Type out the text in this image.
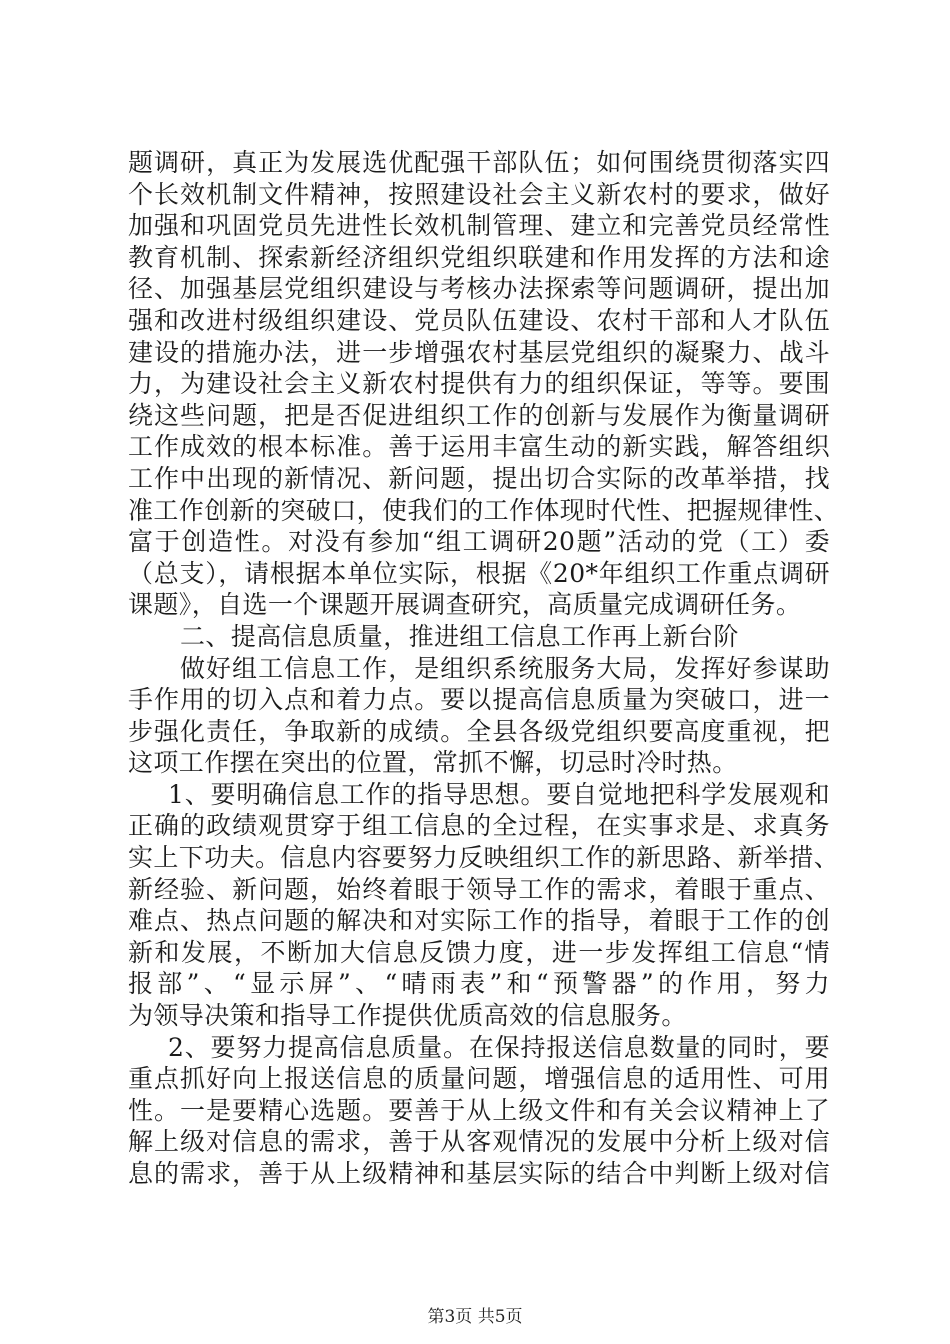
题调研，真正为发展选优配强干部队伍；如何围绕贯彻落实四
个长效机制文件精神，按照建设社会主义新农村的要求，做好
加强和巩固党员先进性长效机制管理、建立和完善党员经常性
教育机制、探索新经济组织党组织联建和作用发挥的方法和途
径、加强基层党组织建设与考核办法探索等问题调研，提出加
强和改进村级组织建设、党员队伍建设、农村干部和人才队伍
建设的措施办法，进一步增强农村基层党组织的凝聚力、战斗
力，为建设社会主义新农村提供有力的组织保证，等等。要围
绕这些问题，把是否促进组织工作的创新与发展作为衡量调研
工作成效的根本标准。善于运用丰富生动的新实践，解答组织
工作中出现的新情况、新问题，提出切合实际的改革举措，找
准工作创新的突破口，使我们的工作体现时代性、把握规律性、
富于创造性。对没有参加“组工调研20题”活动的党（工）委
（总支），请根据本单位实际，根据《20*年组织工作重点调研
课题》，自选一个课题开展调查研究，高质量完成调研任务。
二、提高信息质量，推进组工信息工作再上新台阶
做好组工信息工作，是组织系统服务大局，发挥好参谋助
手作用的切入点和着力点。要以提高信息质量为突破口，进一
步强化责任，争取新的成绩。全县各级党组织要高度重视，把
这项工作摆在突出的位置，常抓不懈，切忌时冷时热。
1、要明确信息工作的指导思想。要自觉地把科学发展观和
正确的政绩观贯穿于组工信息的全过程，在实事求是、求真务
实上下功夫。信息内容要努力反映组织工作的新思路、新举措、
新经验、新问题，始终着眼于领导工作的需求，着眼于重点、
难点、热点问题的解决和对实际工作的指导，着眼于工作的创
新和发展，不断加大信息反馈力度，进一步发挥组工信息“情
报部”、“显示屏”、“晴雨表”和“预警器”的作用，努力
为领导决策和指导工作提供优质高效的信息服务。
2、要努力提高信息质量。在保持报送信息数量的同时，要
重点抓好向上报送信息的质量问题，增强信息的适用性、可用
性。一是要精心选题。要善于从上级文件和有关会议精神上了
解上级对信息的需求，善于从客观情况的发展中分析上级对信
息的需求，善于从上级精神和基层实际的结合中判断上级对信
第3页 共5页
